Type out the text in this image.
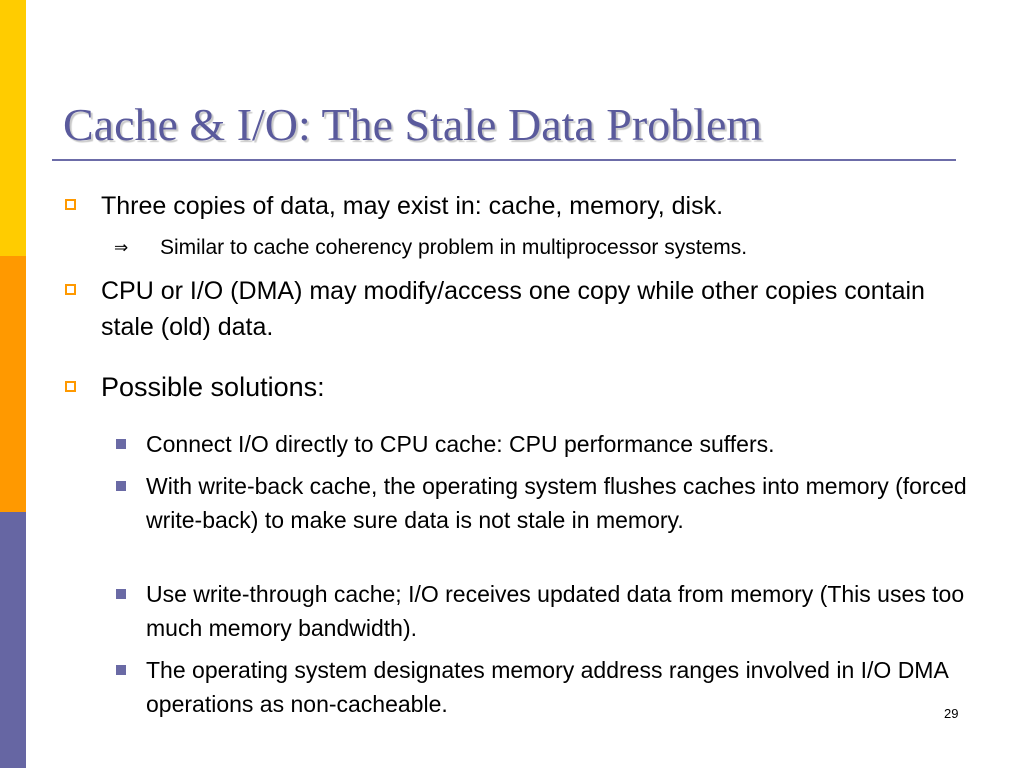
Cache & I/O: The Stale Data Problem

Three copies of data, may exist in: cache, memory, disk.

⇒ Similar to cache coherency problem in multiprocessor systems.

CPU or I/O (DMA) may modify/access one copy while other copies contain stale (old) data.

Possible solutions:

Connect I/O directly to CPU cache: CPU performance suffers.

With write-back cache, the operating system flushes caches into memory (forced write-back) to make sure data is not stale in memory.

Use write-through cache; I/O receives updated data from memory (This uses too much memory bandwidth).

The operating system designates memory address ranges involved in I/O DMA operations as non-cacheable.	29
